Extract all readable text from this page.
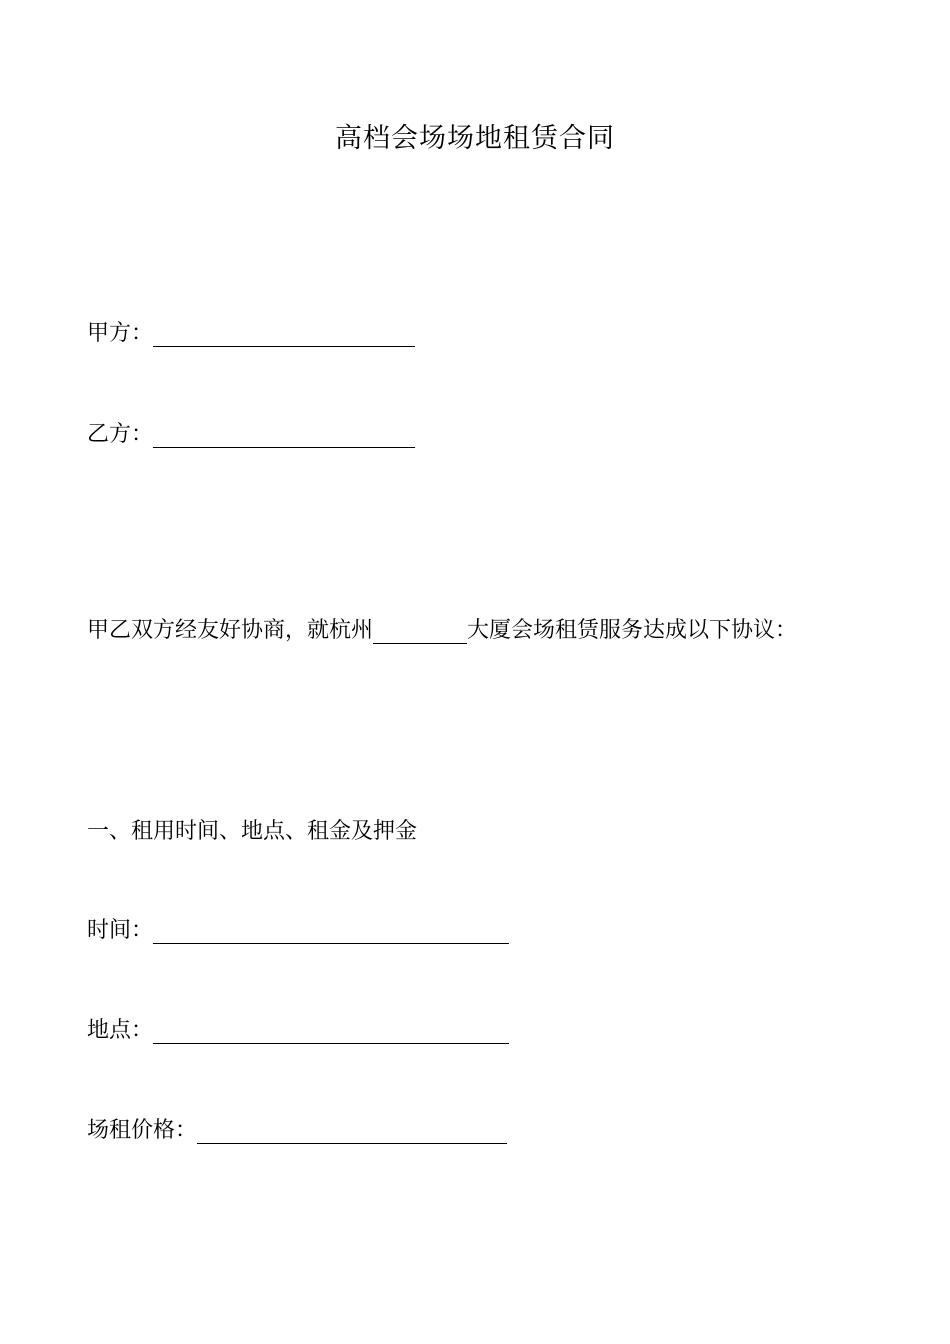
高档会场场地租赁合同
甲方：
乙方：
甲乙双方经友好协商，就杭州	大厦会场租赁服务达成以下协议：
一、租用时间、地点、租金及押金
时间：
地点：
场租价格：
